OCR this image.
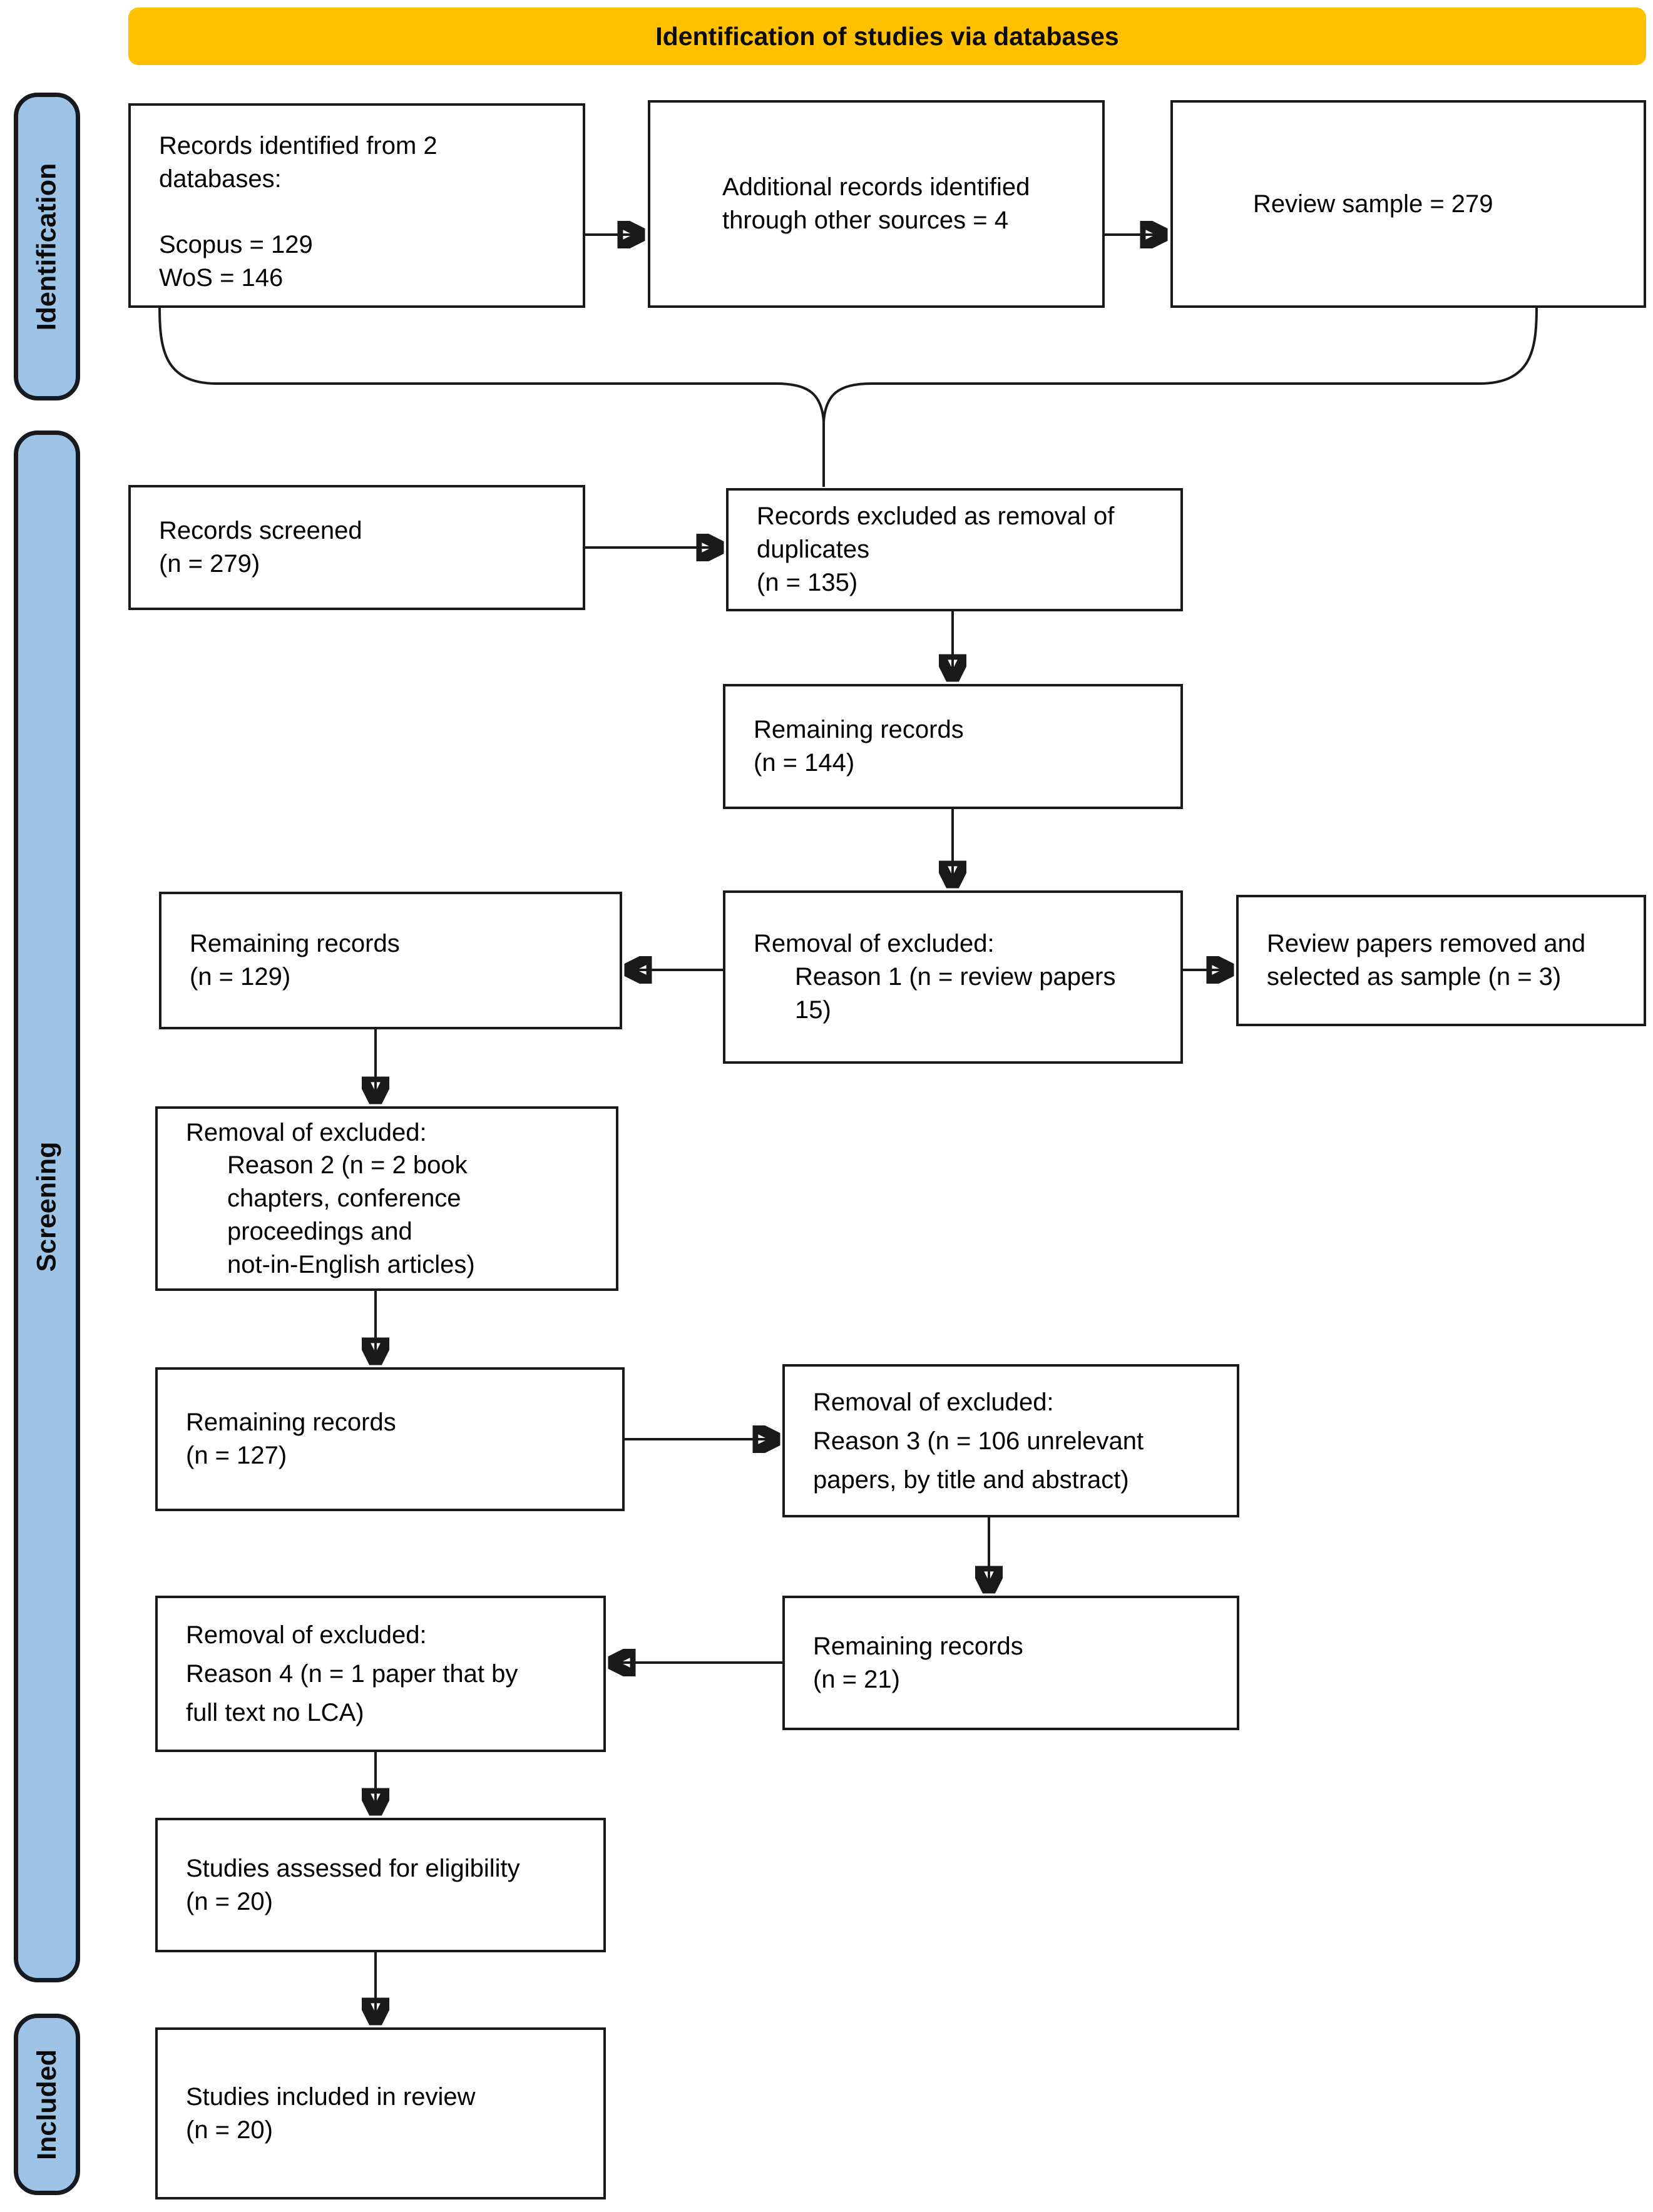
Identification of studies via databases
Identification
Screening
Included
Records identified from 2
databases:
Scopus = 129
WoS = 146
Additional records identified
through other sources = 4
Review sample = 279
Records screened
(n = 279)
Records excluded as removal of
duplicates
(n = 135)
Remaining records
(n = 144)
Remaining records
(n = 129)
Removal of excluded:
Reason 1 (n = review papers
15)
Review papers removed and
selected as sample (n = 3)
Removal of excluded:
Reason 2 (n = 2 book
chapters, conference
proceedings and
not-in-English articles)
Remaining records
(n = 127)
Removal of excluded:
Reason 3 (n = 106 unrelevant
papers, by title and abstract)
Removal of excluded:
Reason 4 (n = 1 paper that by
full text no LCA)
Remaining records
(n = 21)
Studies assessed for eligibility
(n = 20)
Studies included in review
(n = 20)
